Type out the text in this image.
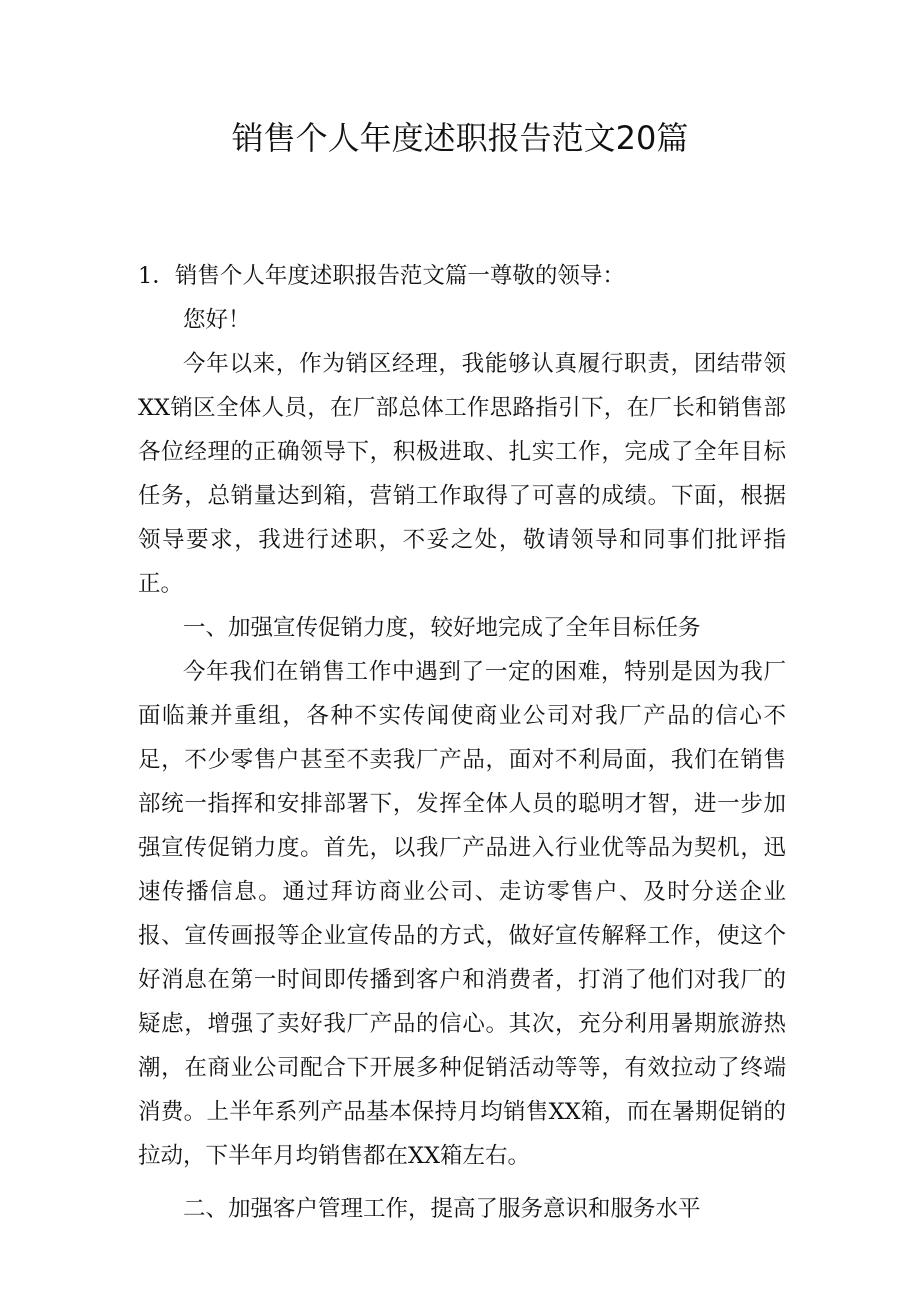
销售个人年度述职报告范文20篇

1．销售个人年度述职报告范文篇一尊敬的领导：

您好！

今年以来，作为销区经理，我能够认真履行职责，团结带领XX销区全体人员，在厂部总体工作思路指引下，在厂长和销售部各位经理的正确领导下，积极进取、扎实工作，完成了全年目标任务，总销量达到箱，营销工作取得了可喜的成绩。下面，根据领导要求，我进行述职，不妥之处，敬请领导和同事们批评指正。

一、加强宣传促销力度，较好地完成了全年目标任务

今年我们在销售工作中遇到了一定的困难，特别是因为我厂面临兼并重组，各种不实传闻使商业公司对我厂产品的信心不足，不少零售户甚至不卖我厂产品，面对不利局面，我们在销售部统一指挥和安排部署下，发挥全体人员的聪明才智，进一步加强宣传促销力度。首先，以我厂产品进入行业优等品为契机，迅速传播信息。通过拜访商业公司、走访零售户、及时分送企业报、宣传画报等企业宣传品的方式，做好宣传解释工作，使这个好消息在第一时间即传播到客户和消费者，打消了他们对我厂的疑虑，增强了卖好我厂产品的信心。其次，充分利用暑期旅游热潮，在商业公司配合下开展多种促销活动等等，有效拉动了终端消费。上半年系列产品基本保持月均销售XX箱，而在暑期促销的拉动，下半年月均销售都在XX箱左右。

二、加强客户管理工作，提高了服务意识和服务水平
